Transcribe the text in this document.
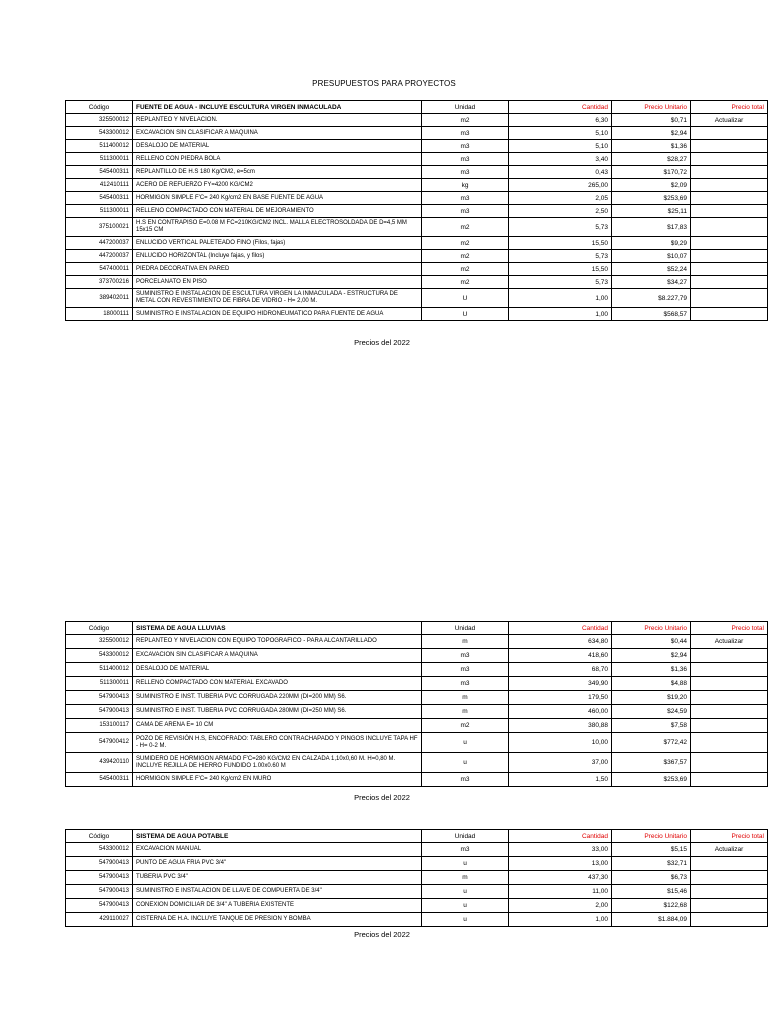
PRESUPUESTOS PARA PROYECTOS
Código	FUENTE DE AGUA - INCLUYE ESCULTURA VIRGEN INMACULADA	Unidad	Cantidad	Precio Unitario	Precio total
325500012	REPLANTEO Y NIVELACION.	m2	6,30	$0,71	Actualizar
543300012	EXCAVACION SIN CLASIFICAR A MAQUINA	m3	5,10	$2,94	
511400012	DESALOJO DE MATERIAL	m3	5,10	$1,36	
511300011	RELLENO CON PIEDRA BOLA	m3	3,40	$28,27	
545400311	REPLANTILLO DE H.S 180 Kg/CM2, e=5cm	m3	0,43	$170,72	
412410111	ACERO DE REFUERZO FY=4200 KG/CM2	kg	265,00	$2,09	
545400311	HORMIGON SIMPLE F'C= 240 Kg/cm2 EN BASE FUENTE DE AGUA	m3	2,05	$253,69	
511300011	RELLENO COMPACTADO CON MATERIAL DE MEJORAMIENTO	m3	2,50	$25,11	
375100021	H.S EN CONTRAPISO E=0.08 M FC=210KG/CM2 INCL. MALLA ELECTROSOLDADA DE D=4,5 MM 15x15 CM	m2	5,73	$17,83	
447200037	ENLUCIDO VERTICAL PALETEADO FINO (Filos, fajas)	m2	15,50	$9,29	
447200037	ENLUCIDO HORIZONTAL (Incluye fajas, y filos)	m2	5,73	$10,07	
547400011	PIEDRA DECORATIVA EN PARED	m2	15,50	$52,24	
373700216	PORCELANATO EN PISO	m2	5,73	$34,27	
389402011	SUMINISTRO E INSTALACION DE ESCULTURA VIRGEN LA INMACULADA - ESTRUCTURA DE METAL CON REVESTIMIENTO DE FIBRA DE VIDRIO - H= 2,00 M.	U	1,00	$8.227,79	
18000111	SUMINISTRO E INSTALACION DE EQUIPO HIDRONEUMATICO PARA FUENTE DE AGUA	U	1,00	$568,57	
Precios del 2022
Código	SISTEMA DE AGUA LLUVIAS	Unidad	Cantidad	Precio Unitario	Precio total
325500012	REPLANTEO Y NIVELACION CON EQUIPO TOPOGRAFICO - PARA ALCANTARILLADO	m	634,80	$0,44	Actualizar
543300012	EXCAVACION SIN CLASIFICAR A MAQUINA	m3	418,60	$2,94	
511400012	DESALOJO DE MATERIAL	m3	68,70	$1,36	
511300011	RELLENO COMPACTADO CON MATERIAL EXCAVADO	m3	349,90	$4,88	
547900413	SUMINISTRO E INST. TUBERIA PVC CORRUGADA 220MM (DI=200 MM) S6.	m	179,50	$19,20	
547900413	SUMINISTRO E INST. TUBERIA PVC CORRUGADA 280MM (DI=250 MM) S6.	m	460,00	$24,59	
153100117	CAMA DE ARENA E= 10 CM	m2	380,88	$7,58	
547900412	POZO DE REVISIÓN H.S, ENCOFRADO: TABLERO CONTRACHAPADO Y PINGOS INCLUYE TAPA HF - H= 0-2 M.	u	10,00	$772,42	
439420110	SUMIDERO DE HORMIGON ARMADO F'C=280 KG/CM2 EN CALZADA 1,10x0,60 M. H=0,80 M. INCLUYE REJILLA DE HIERRO FUNDIDO 1.00x0.60 M	u	37,00	$367,57	
545400311	HORMIGON SIMPLE F'C= 240 Kg/cm2 EN MURO	m3	1,50	$253,69	
Precios del 2022
Código	SISTEMA DE AGUA POTABLE	Unidad	Cantidad	Precio Unitario	Precio total
543300012	EXCAVACION MANUAL	m3	33,00	$5,15	Actualizar
547900413	PUNTO DE AGUA FRIA PVC 3/4"	u	13,00	$32,71	
547900413	TUBERIA PVC 3/4"	m	437,30	$6,73	
547900413	SUMINISTRO E INSTALACION DE LLAVE DE COMPUERTA DE 3/4"	u	11,00	$15,46	
547900413	CONEXION DOMICILIAR DE 3/4" A TUBERIA EXISTENTE	u	2,00	$122,68	
429110027	CISTERNA DE H.A. INCLUYE TANQUE DE PRESION Y BOMBA	u	1,00	$1.884,09	
Precios del 2022
